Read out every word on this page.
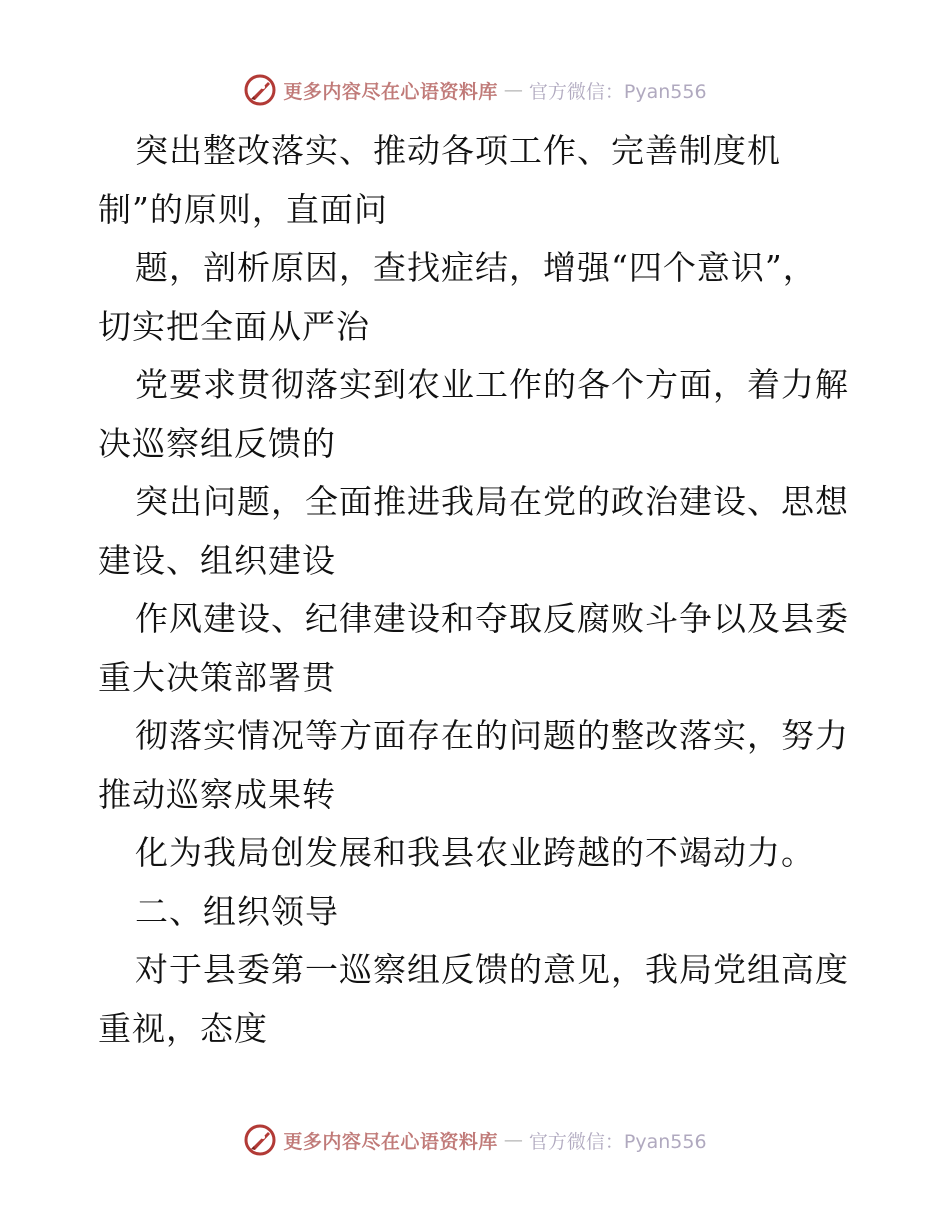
更多内容尽在心语资料库 — 官方微信：Pyan556
突出整改落实、推动各项工作、完善制度机
制”的原则，直面问
题，剖析原因，查找症结，增强“四个意识”，
切实把全面从严治
党要求贯彻落实到农业工作的各个方面，着力解
决巡察组反馈的
突出问题，全面推进我局在党的政治建设、思想
建设、组织建设
作风建设、纪律建设和夺取反腐败斗争以及县委
重大决策部署贯
彻落实情况等方面存在的问题的整改落实，努力
推动巡察成果转
化为我局创发展和我县农业跨越的不竭动力。
二、组织领导
对于县委第一巡察组反馈的意见，我局党组高度
重视，态度
更多内容尽在心语资料库 — 官方微信：Pyan556
